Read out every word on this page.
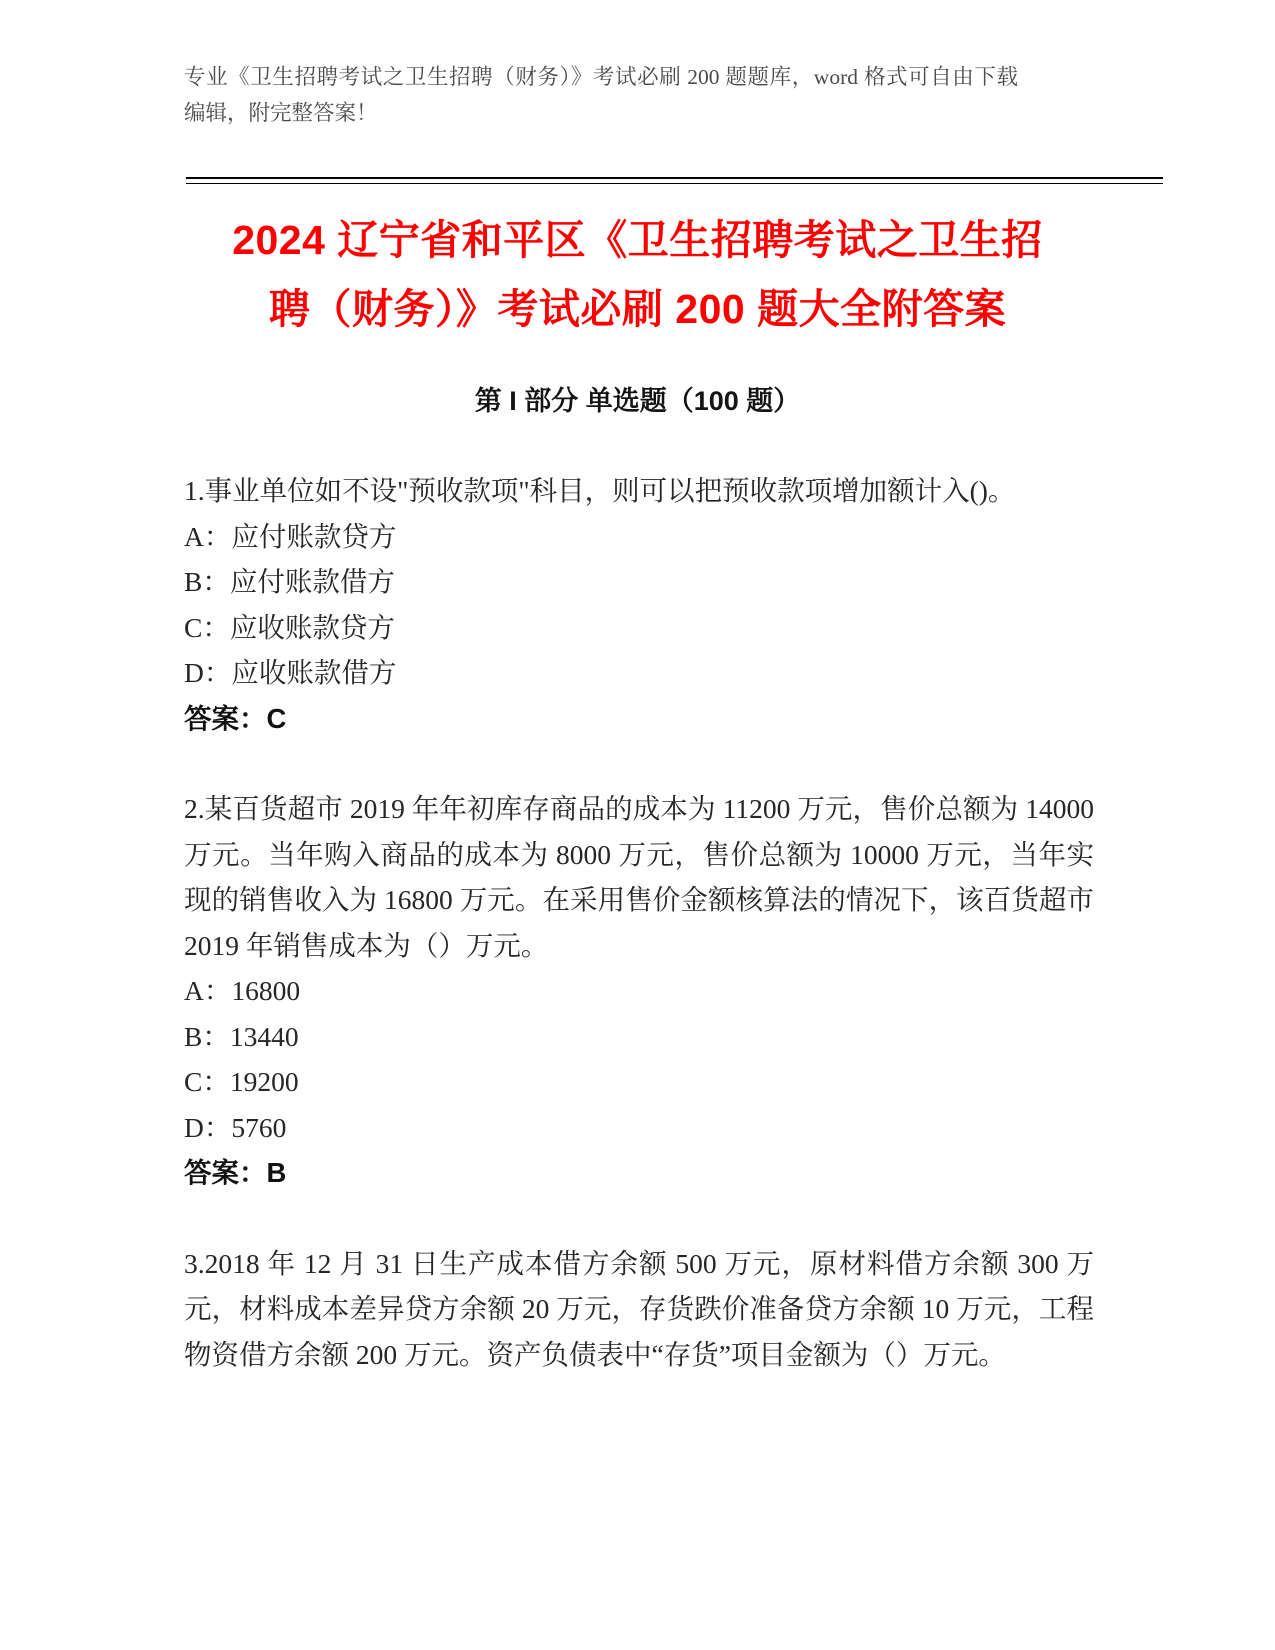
专业《卫生招聘考试之卫生招聘（财务）》考试必刷 200 题题库，word 格式可自由下载编辑，附完整答案！

2024 辽宁省和平区《卫生招聘考试之卫生招
聘（财务）》考试必刷 200 题大全附答案
第 I 部分 单选题（100 题）

1.事业单位如不设"预收款项"科目，则可以把预收款项增加额计入()。

A：应付账款贷方

B：应付账款借方

C：应收账款贷方

D：应收账款借方

答案：C

2.某百货超市 2019 年年初库存商品的成本为 11200 万元，售价总额为 14000 万元。当年购入商品的成本为 8000 万元，售价总额为 10000 万元，当年实现的销售收入为 16800 万元。在采用售价金额核算法的情况下，该百货超市 2019 年销售成本为（）万元。

A：16800

B：13440

C：19200

D：5760

答案：B

3.2018 年 12 月 31 日生产成本借方余额 500 万元，原材料借方余额 300 万元，材料成本差异贷方余额 20 万元，存货跌价准备贷方余额 10 万元，工程物资借方余额 200 万元。资产负债表中“存货”项目金额为（）万元。
